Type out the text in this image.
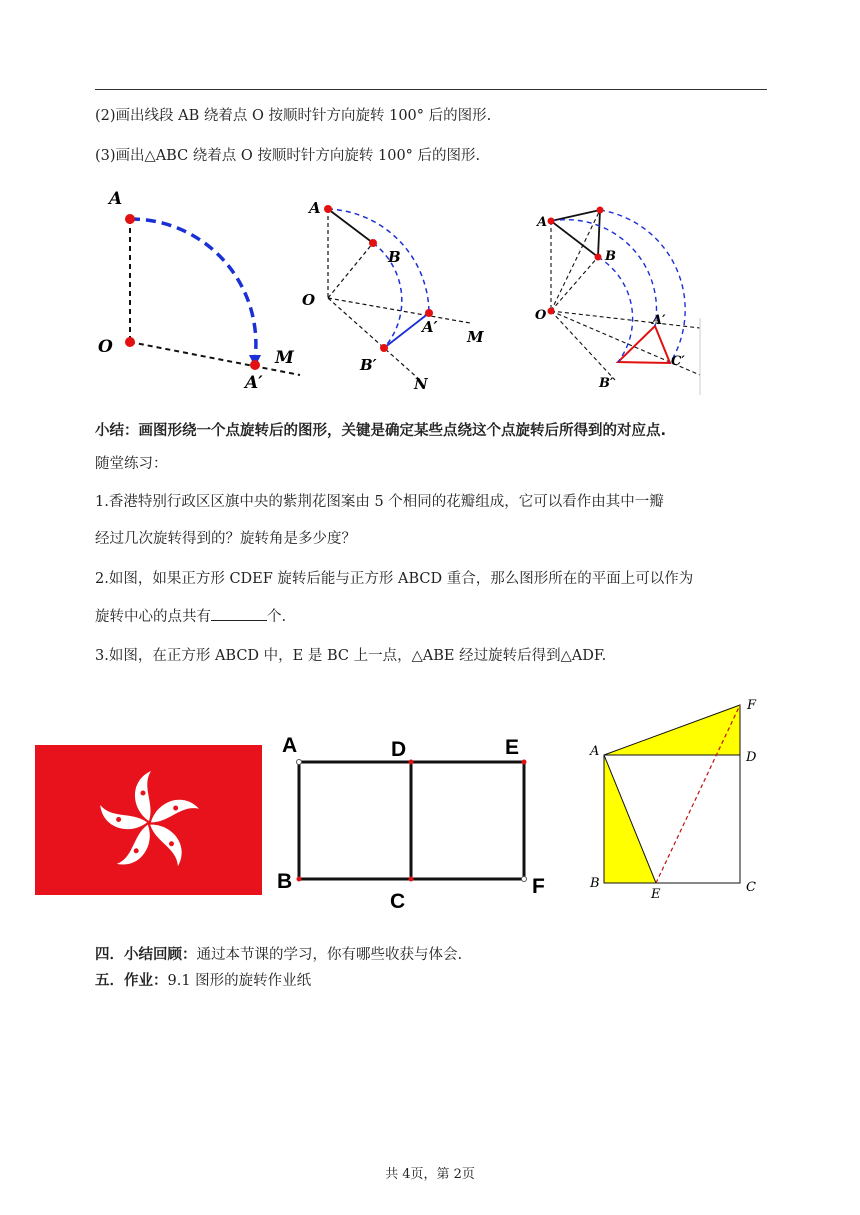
(2)画出线段 AB 绕着点 O 按顺时针方向旋转 100° 后的图形.
(3)画出△ABC 绕着点 O 按顺时针方向旋转 100° 后的图形.
A
O
M
A′
A
B
O
A′
M
B′
N
A
B
O	A′
C′
B′
小结：画图形绕一个点旋转后的图形，关键是确定某些点绕这个点旋转后所得到的对应点.
随堂练习：
1.香港特别行政区区旗中央的紫荆花图案由 5 个相同的花瓣组成，它可以看作由其中一瓣
经过几次旋转得到的？旋转角是多少度？
2.如图，如果正方形 CDEF 旋转后能与正方形 ABCD 重合，那么图形所在的平面上可以作为
旋转中心的点共有	个.
3.如图，在正方形 ABCD 中，E 是 BC 上一点，△ABE 经过旋转后得到△ADF.
A	D	E
B
C
F
F
A	D
B
E	C
四．小结回顾：通过本节课的学习，你有哪些收获与体会.
五．作业：9.1 图形的旋转作业纸
共 4页，第 2页
